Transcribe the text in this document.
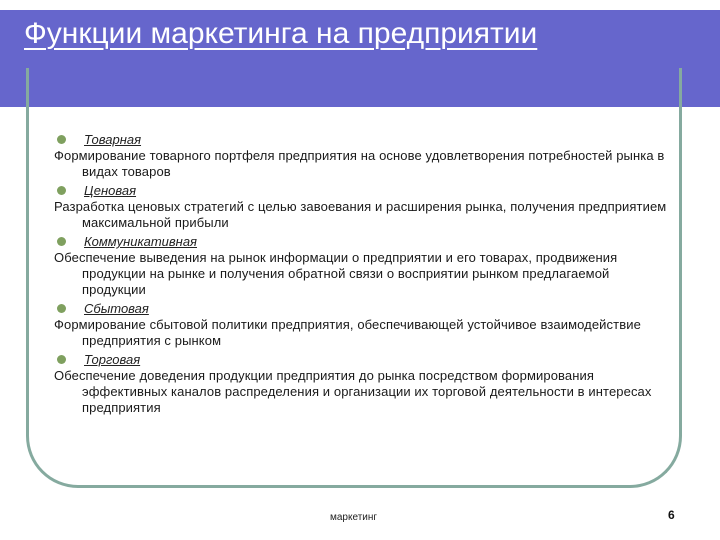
Функции маркетинга на предприятии
Товарная
Формирование товарного портфеля предприятия на основе удовлетворения потребностей рынка в видах товаров
Ценовая
Разработка ценовых стратегий с целью завоевания и расширения рынка, получения предприятием максимальной прибыли
Коммуникативная
Обеспечение выведения на рынок информации о предприятии и его товарах, продвижения продукции на рынке и получения обратной связи о восприятии рынком предлагаемой продукции
Сбытовая
Формирование сбытовой политики предприятия, обеспечивающей устойчивое взаимодействие предприятия с рынком
Торговая
Обеспечение доведения продукции предприятия до рынка посредством формирования эффективных каналов распределения и организации их торговой деятельности в интересах предприятия
маркетинг	6
